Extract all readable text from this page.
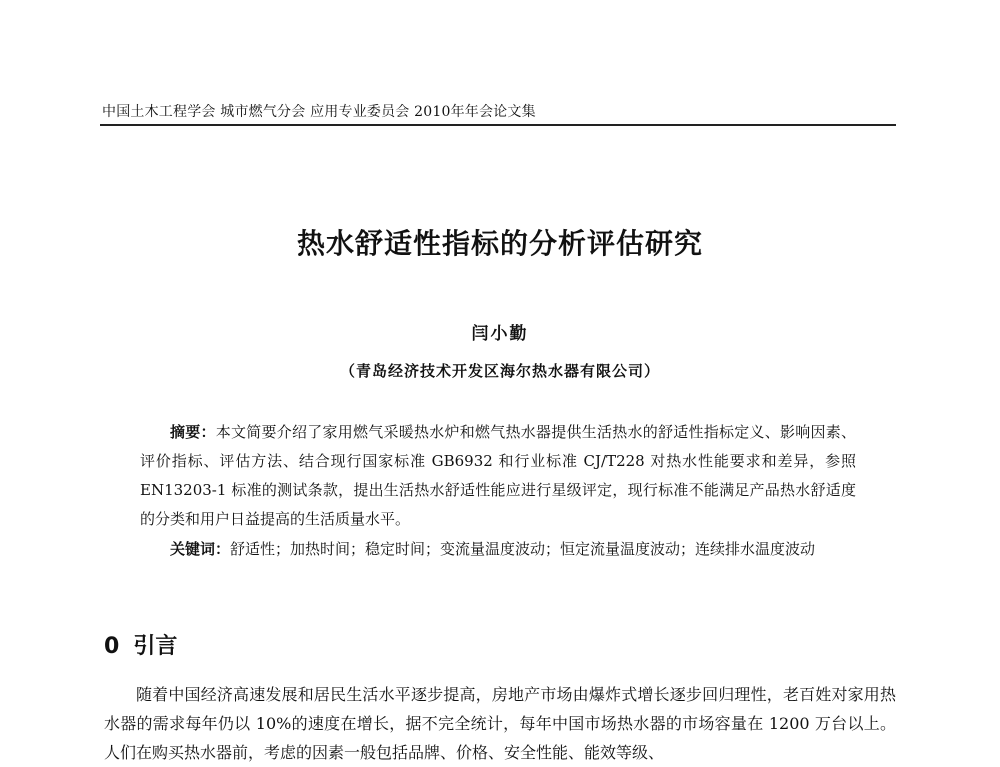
中国土木工程学会 城市燃气分会 应用专业委员会 2010年年会论文集
热水舒适性指标的分析评估研究
闫小勤
（青岛经济技术开发区海尔热水器有限公司）

摘要：本文简要介绍了家用燃气采暖热水炉和燃气热水器提供生活热水的舒适性指标定义、影响因素、评价指标、评估方法、结合现行国家标准 GB6932 和行业标准 CJ/T228 对热水性能要求和差异，参照 EN13203-1 标准的测试条款，提出生活热水舒适性能应进行星级评定，现行标准不能满足产品热水舒适度的分类和用户日益提高的生活质量水平。

关键词：舒适性；加热时间；稳定时间；变流量温度波动；恒定流量温度波动；连续排水温度波动

0 引言

随着中国经济高速发展和居民生活水平逐步提高，房地产市场由爆炸式增长逐步回归理性，老百姓对家用热水器的需求每年仍以 10%的速度在增长，据不完全统计，每年中国市场热水器的市场容量在 1200 万台以上。人们在购买热水器前，考虑的因素一般包括品牌、价格、安全性能、能效等级、
